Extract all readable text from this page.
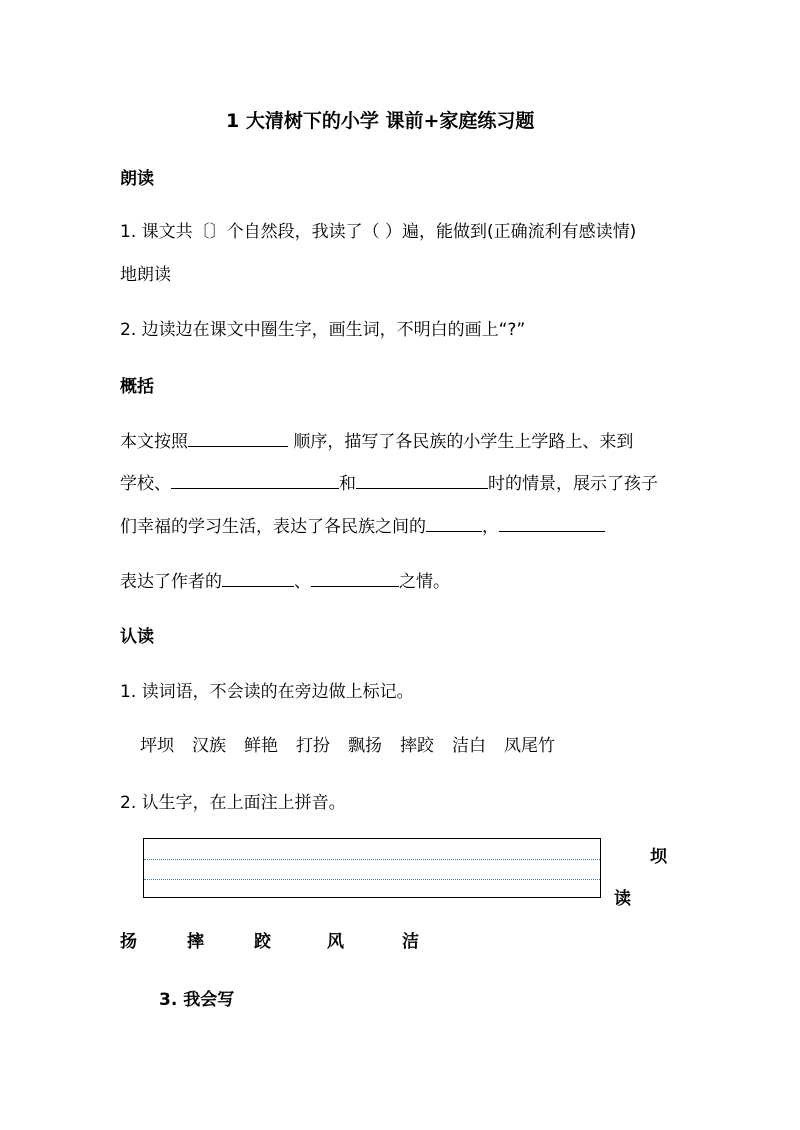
1 大清树下的小学 课前+家庭练习题
朗读
1. 课文共〔〕个自然段，我读了（ ）遍，能做到(正确流利有感读情)
地朗读
2. 边读边在课文中圈生字，画生词，不明白的画上“?”
概括
本文按照	顺序，描写了各民族的小学生上学路上、来到
学校、	和	时的情景，展示了孩子
们幸福的学习生活，表达了各民族之间的	，
表达了作者的	、	之情。
认读
1. 读词语，不会读的在旁边做上标记。
坪坝 汉族 鲜艳 打扮 飘扬 摔跤 洁白 凤尾竹
2. 认生字，在上面注上拼音。
坝
读
扬	摔	跤	风	洁
3. 我会写
